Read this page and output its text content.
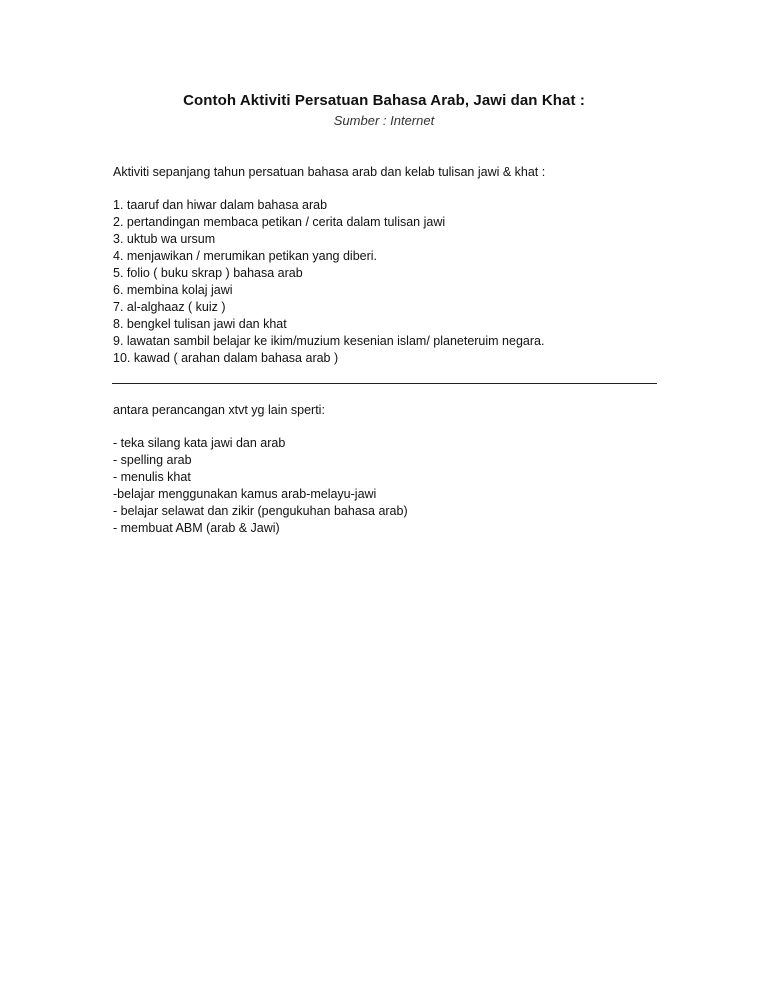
Contoh Aktiviti Persatuan Bahasa Arab, Jawi dan Khat :
Sumber : Internet
Aktiviti sepanjang tahun persatuan bahasa arab dan kelab tulisan jawi & khat :
1. taaruf dan hiwar dalam bahasa arab
2. pertandingan membaca petikan / cerita dalam tulisan jawi
3. uktub wa ursum
4. menjawikan / merumikan petikan yang diberi.
5. folio ( buku skrap ) bahasa arab
6. membina kolaj jawi
7. al-alghaaz ( kuiz )
8. bengkel tulisan jawi dan khat
9. lawatan sambil belajar ke ikim/muzium kesenian islam/ planeteruim negara.
10. kawad ( arahan dalam bahasa arab )
antara perancangan xtvt yg lain sperti:
- teka silang kata jawi dan arab
- spelling arab
- menulis khat
-belajar menggunakan kamus arab-melayu-jawi
- belajar selawat dan zikir (pengukuhan bahasa arab)
- membuat ABM (arab & Jawi)
